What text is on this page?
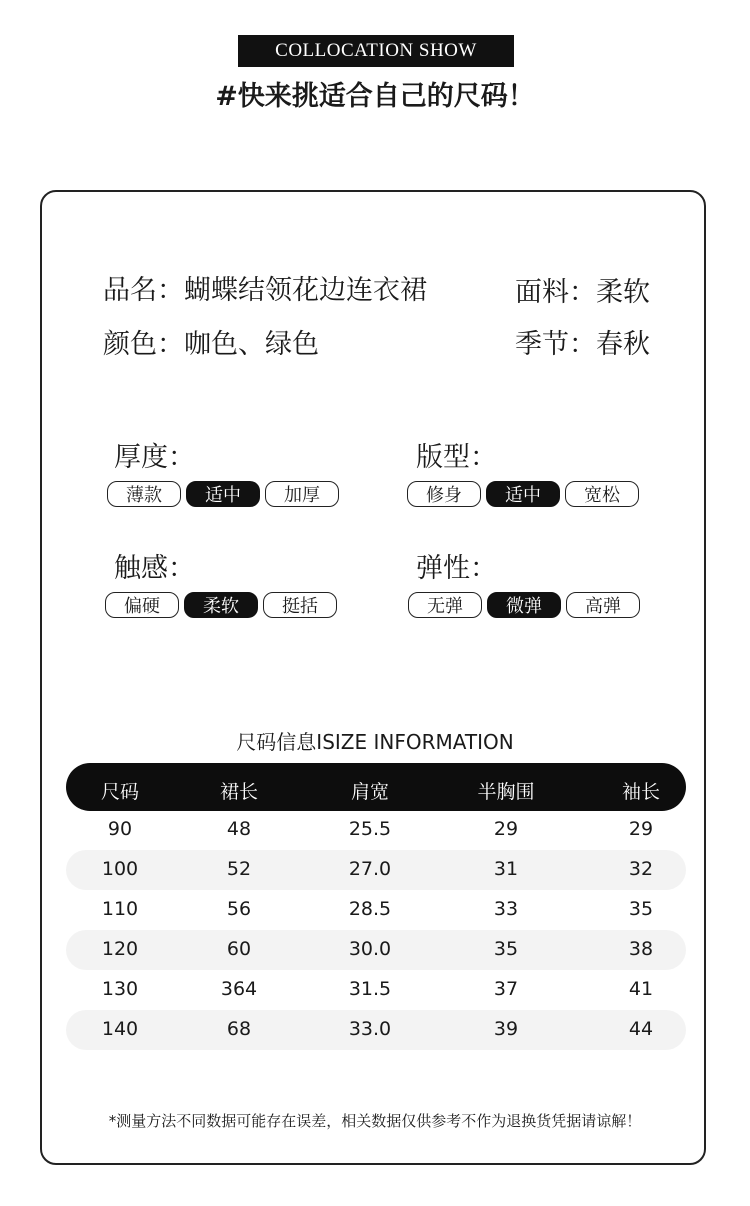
COLLOCATION SHOW
#快来挑适合自己的尺码！
品名：蝴蝶结领花边连衣裙	面料：柔软
颜色：咖色、绿色	季节：春秋
厚度：
薄款	适中	加厚
版型：
修身	适中	宽松
触感：
偏硬	柔软	挺括
弹性：
无弹	微弹	高弹
尺码信息ISIZE INFORMATION
尺码	裙长	肩宽	半胸围	袖长
90	48	25.5	29	29
100	52	27.0	31	32
110	56	28.5	33	35
120	60	30.0	35	38
130	364	31.5	37	41
140	68	33.0	39	44
*测量方法不同数据可能存在误差，相关数据仅供参考不作为退换货凭据请谅解！
